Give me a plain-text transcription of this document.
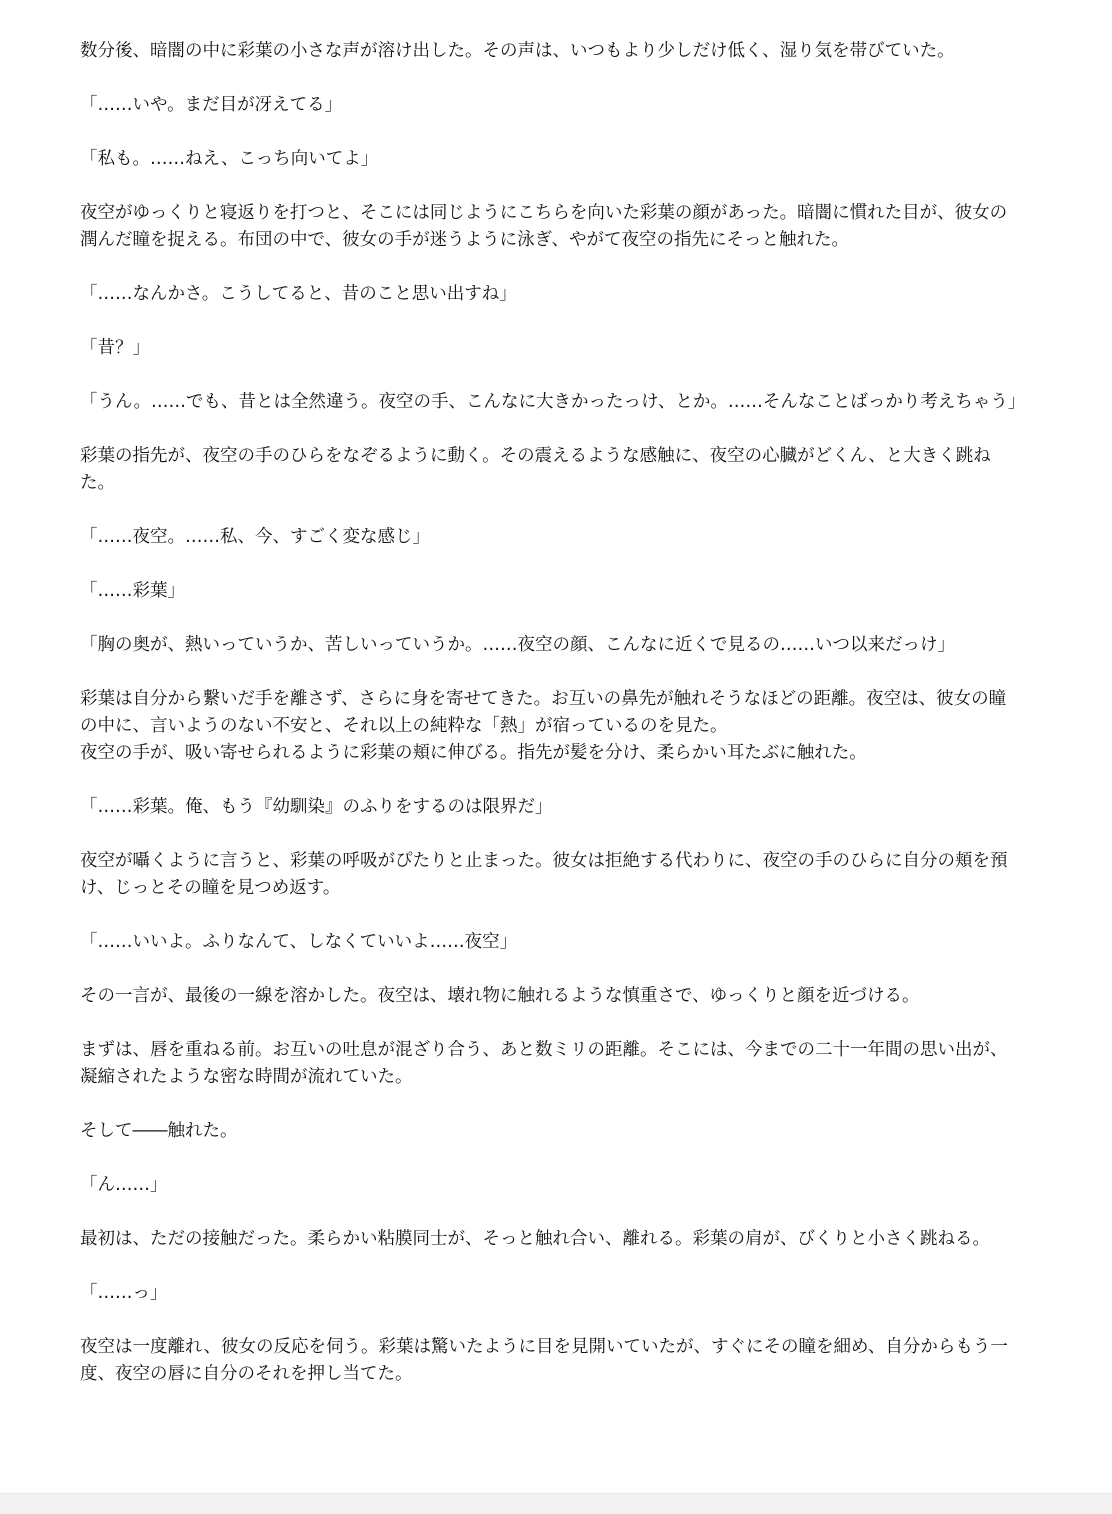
数分後、暗闇の中に彩葉の小さな声が溶け出した。その声は、いつもより少しだけ低く、湿り気を帯びていた。

「……いや。まだ目が冴えてる」

「私も。……ねえ、こっち向いてよ」

夜空がゆっくりと寝返りを打つと、そこには同じようにこちらを向いた彩葉の顔があった。暗闇に慣れた目が、彼女の潤んだ瞳を捉える。布団の中で、彼女の手が迷うように泳ぎ、やがて夜空の指先にそっと触れた。

「……なんかさ。こうしてると、昔のこと思い出すね」

「昔？」

「うん。……でも、昔とは全然違う。夜空の手、こんなに大きかったっけ、とか。……そんなことばっかり考えちゃう」

彩葉の指先が、夜空の手のひらをなぞるように動く。その震えるような感触に、夜空の心臓がどくん、と大きく跳ねた。

「……夜空。……私、今、すごく変な感じ」

「……彩葉」

「胸の奥が、熱いっていうか、苦しいっていうか。……夜空の顔、こんなに近くで見るの……いつ以来だっけ」

彩葉は自分から繋いだ手を離さず、さらに身を寄せてきた。お互いの鼻先が触れそうなほどの距離。夜空は、彼女の瞳の中に、言いようのない不安と、それ以上の純粋な「熱」が宿っているのを見た。
夜空の手が、吸い寄せられるように彩葉の頬に伸びる。指先が髪を分け、柔らかい耳たぶに触れた。

「……彩葉。俺、もう『幼馴染』のふりをするのは限界だ」

夜空が囁くように言うと、彩葉の呼吸がぴたりと止まった。彼女は拒絶する代わりに、夜空の手のひらに自分の頬を預け、じっとその瞳を見つめ返す。

「……いいよ。ふりなんて、しなくていいよ……夜空」

その一言が、最後の一線を溶かした。夜空は、壊れ物に触れるような慎重さで、ゆっくりと顔を近づける。

まずは、唇を重ねる前。お互いの吐息が混ざり合う、あと数ミリの距離。そこには、今までの二十一年間の思い出が、凝縮されたような密な時間が流れていた。

そして――触れた。

「ん……」

最初は、ただの接触だった。柔らかい粘膜同士が、そっと触れ合い、離れる。彩葉の肩が、びくりと小さく跳ねる。

「……っ」

夜空は一度離れ、彼女の反応を伺う。彩葉は驚いたように目を見開いていたが、すぐにその瞳を細め、自分からもう一度、夜空の唇に自分のそれを押し当てた。
